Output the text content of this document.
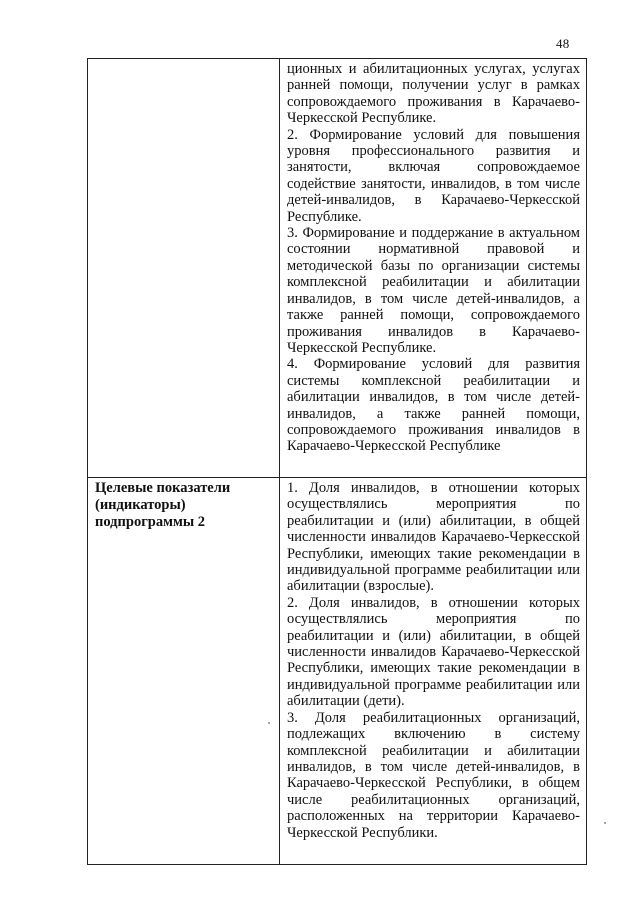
48

	ционных и абилитационных услугах, услугах ранней помощи, получении услуг в рамках сопровождаемого проживания в Карачаево-Черкесской Республике.

2. Формирование условий для повышения уровня профессионального развития и занятости, включая сопровождаемое содействие занятости, инвалидов, в том числе детей-инвалидов, в Карачаево-Черкесской Республике.

3. Формирование и поддержание в актуальном состоянии нормативной правовой и методической базы по организации системы комплексной реабилитации и абилитации инвалидов, в том числе детей-инвалидов, а также ранней помощи, сопровождаемого проживания инвалидов в Карачаево-Черкесской Республике.

4. Формирование условий для развития системы комплексной реабилитации и абилитации инвалидов, в том числе детей-инвалидов, а также ранней помощи, сопровождаемого проживания инвалидов в Карачаево-Черкесской Республике

Целевые показатели (индикаторы) подпрограммы 2	1. Доля инвалидов, в отношении которых осуществлялись мероприятия по реабилитации и (или) абилитации, в общей численности инвалидов Карачаево-Черкесской Республики, имеющих такие рекомендации в индивидуальной программе реабилитации или абилитации (взрослые).

2. Доля инвалидов, в отношении которых осуществлялись мероприятия по реабилитации и (или) абилитации, в общей численности инвалидов Карачаево-Черкесской Республики, имеющих такие рекомендации в индивидуальной программе реабилитации или абилитации (дети).

3. Доля реабилитационных организаций, подлежащих включению в систему комплексной реабилитации и абилитации инвалидов, в том числе детей-инвалидов, в Карачаево-Черкесской Республики, в общем числе реабилитационных организаций, расположенных на территории Карачаево-Черкесской Республики.
